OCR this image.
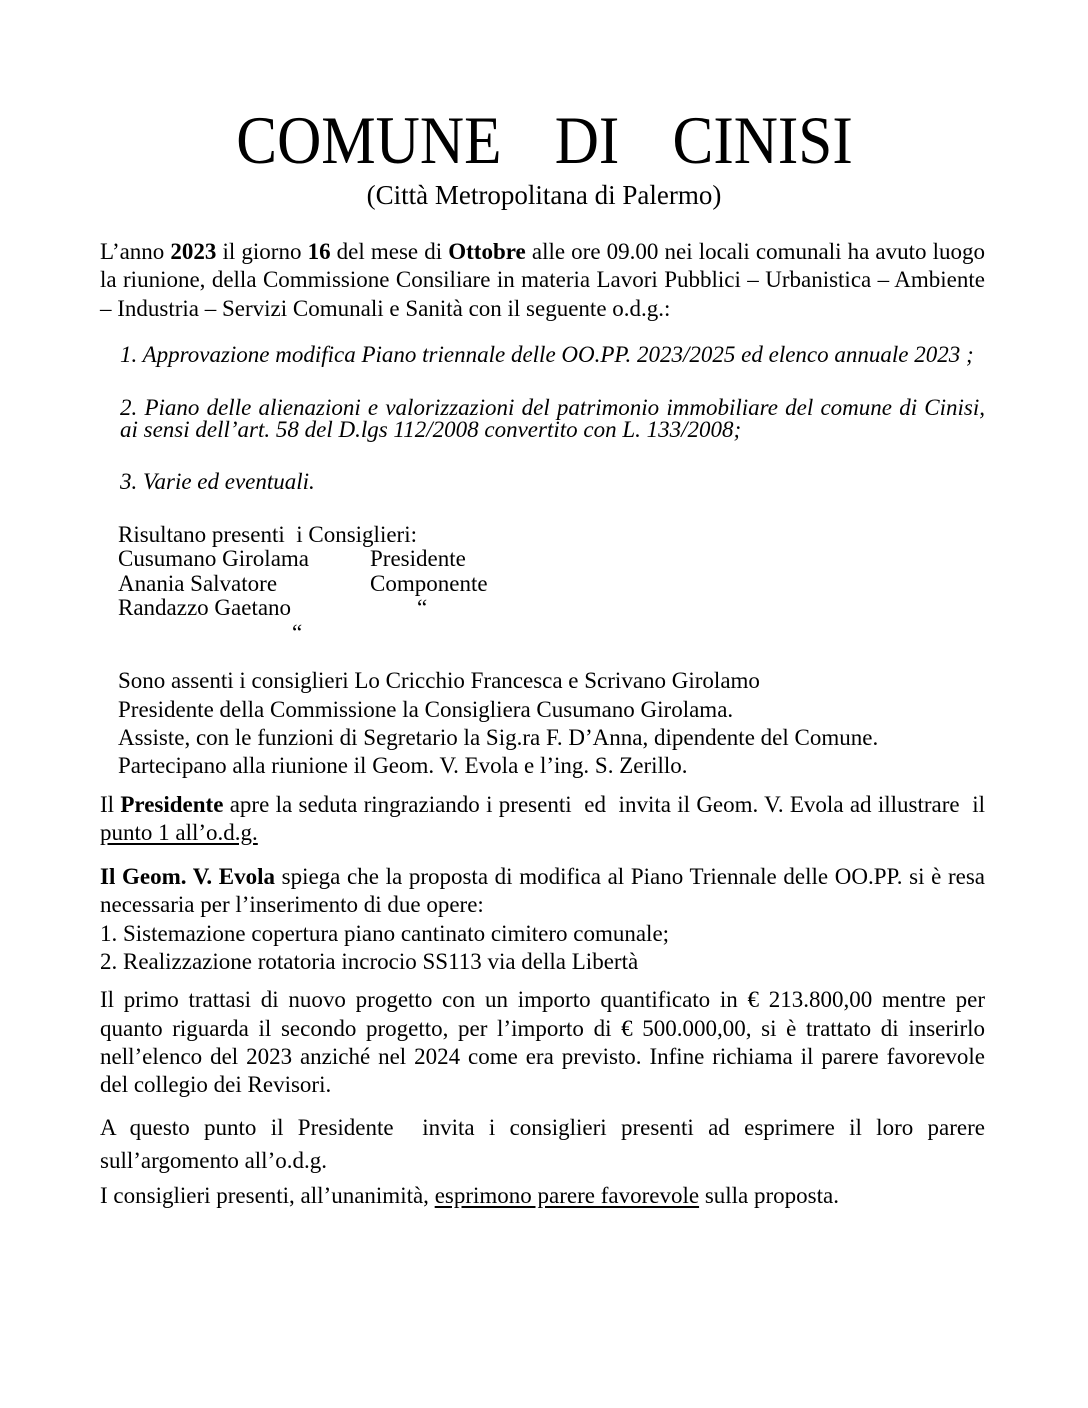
COMUNE DI CINISI
(Città Metropolitana di Palermo)
L’anno 2023 il giorno 16 del mese di Ottobre alle ore 09.00 nei locali comunali ha avuto luogo la riunione, della Commissione Consiliare in materia Lavori Pubblici – Urbanistica – Ambiente – Industria – Servizi Comunali e Sanità con il seguente o.d.g.:
1. Approvazione modifica Piano triennale delle OO.PP. 2023/2025 ed elenco annuale 2023 ;
2. Piano delle alienazioni e valorizzazioni del patrimonio immobiliare del comune di Cinisi, ai sensi dell’art. 58 del D.lgs 112/2008 convertito con L. 133/2008;
3. Varie ed eventuali.
Risultano presenti  i Consiglieri:
Cusumano Girolama	Presidente
Anania Salvatore	Componente
Randazzo Gaetano	“
“

Sono assenti i consiglieri Lo Cricchio Francesca e Scrivano Girolamo
Presidente della Commissione la Consigliera Cusumano Girolama.
Assiste, con le funzioni di Segretario la Sig.ra F. D’Anna, dipendente del Comune.
Partecipano alla riunione il Geom. V. Evola e l’ing. S. Zerillo.
Il Presidente apre la seduta ringraziando i presenti  ed  invita il Geom. V. Evola ad illustrare  il punto 1 all’o.d.g.
Il Geom. V. Evola spiega che la proposta di modifica al Piano Triennale delle OO.PP. si è resa necessaria per l’inserimento di due opere:
1. Sistemazione copertura piano cantinato cimitero comunale;
2. Realizzazione rotatoria incrocio SS113 via della Libertà
Il primo trattasi di nuovo progetto con un importo quantificato in € 213.800,00 mentre per quanto riguarda il secondo progetto, per l’importo di € 500.000,00, si è trattato di inserirlo nell’elenco del 2023 anziché nel 2024 come era previsto. Infine richiama il parere favorevole del collegio dei Revisori.
A questo punto il Presidente  invita i consiglieri presenti ad esprimere il loro parere sull’argomento all’o.d.g.
I consiglieri presenti, all’unanimità, esprimono parere favorevole sulla proposta.
